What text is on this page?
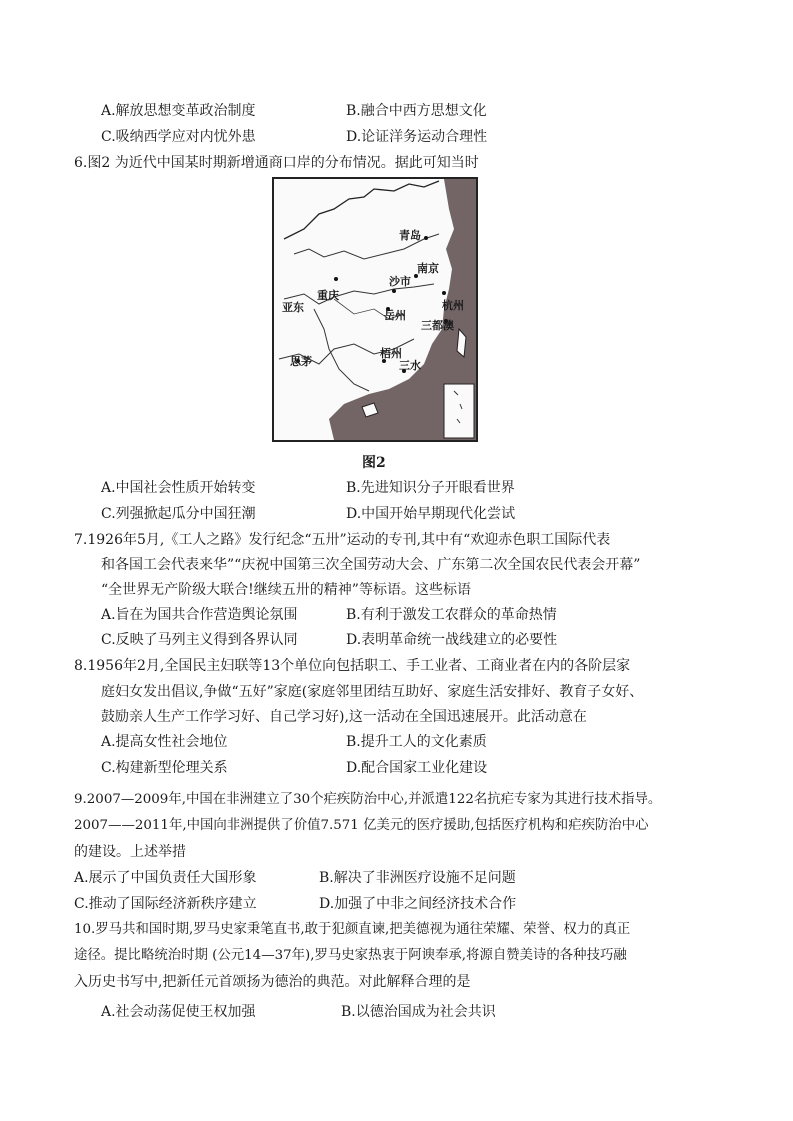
A.解放思想变革政治制度	B.融合中西方思想文化
C.吸纳西学应对内忧外患	D.论证洋务运动合理性
6.图2 为近代中国某时期新增通商口岸的分布情况。据此可知当时
青岛
南京
沙市
重庆
杭州
亚东
岳州
三都澳
思茅
梧州
三水
图2
A.中国社会性质开始转变	B.先进知识分子开眼看世界
C.列强掀起瓜分中国狂潮	D.中国开始早期现代化尝试
7.1926年5月,《工人之路》发行纪念“五卅”运动的专刊,其中有“欢迎赤色职工国际代表
和各国工会代表来华”“庆祝中国第三次全国劳动大会、广东第二次全国农民代表会开幕”
“全世界无产阶级大联合!继续五卅的精神”等标语。这些标语
A.旨在为国共合作营造舆论氛围	B.有利于激发工农群众的革命热情
C.反映了马列主义得到各界认同	D.表明革命统一战线建立的必要性
8.1956年2月,全国民主妇联等13个单位向包括职工、手工业者、工商业者在内的各阶层家
庭妇女发出倡议,争做“五好”家庭(家庭邻里团结互助好、家庭生活安排好、教育子女好、
鼓励亲人生产工作学习好、自己学习好),这一活动在全国迅速展开。此活动意在
A.提高女性社会地位	B.提升工人的文化素质
C.构建新型伦理关系	D.配合国家工业化建设
9.2007—2009年,中国在非洲建立了30个疟疾防治中心,并派遣122名抗疟专家为其进行技术指导。
2007——2011年,中国向非洲提供了价值7.571 亿美元的医疗援助,包括医疗机构和疟疾防治中心
的建设。上述举措
A.展示了中国负责任大国形象	B.解决了非洲医疗设施不足问题
C.推动了国际经济新秩序建立	D.加强了中非之间经济技术合作
10.罗马共和国时期,罗马史家秉笔直书,敢于犯颜直谏,把美德视为通往荣耀、荣誉、权力的真正
途径。提比略统治时期 (公元14—37年),罗马史家热衷于阿谀奉承,将源自赞美诗的各种技巧融
入历史书写中,把新任元首颂扬为德治的典范。对此解释合理的是
A.社会动荡促使王权加强	B.以德治国成为社会共识
